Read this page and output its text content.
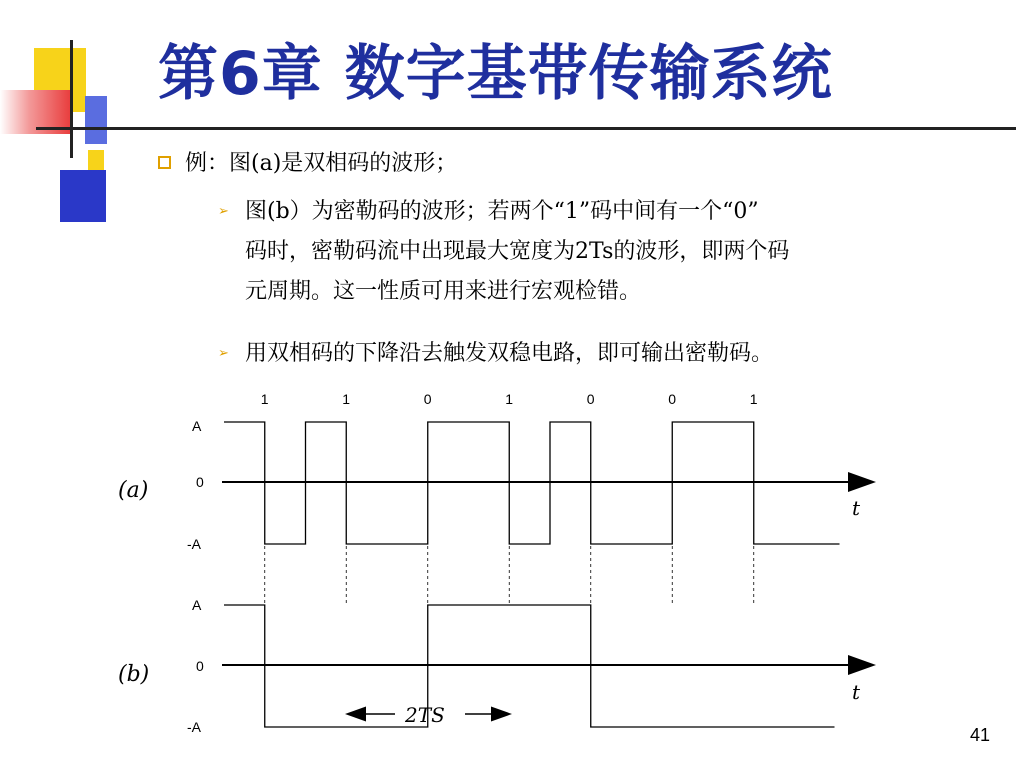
第6章 数字基带传输系统
例：图(a)是双相码的波形；
➢ 图(b）为密勒码的波形；若两个“1”码中间有一个“0”
码时，密勒码流中出现最大宽度为2Ts的波形，即两个码
元周期。这一性质可用来进行宏观检错。
➢ 用双相码的下降沿去触发双稳电路，即可输出密勒码。
1	1	0	1	0	0	1
A
0
-A
A
0
-A
(a)
(b)
t
t
2TS
41
